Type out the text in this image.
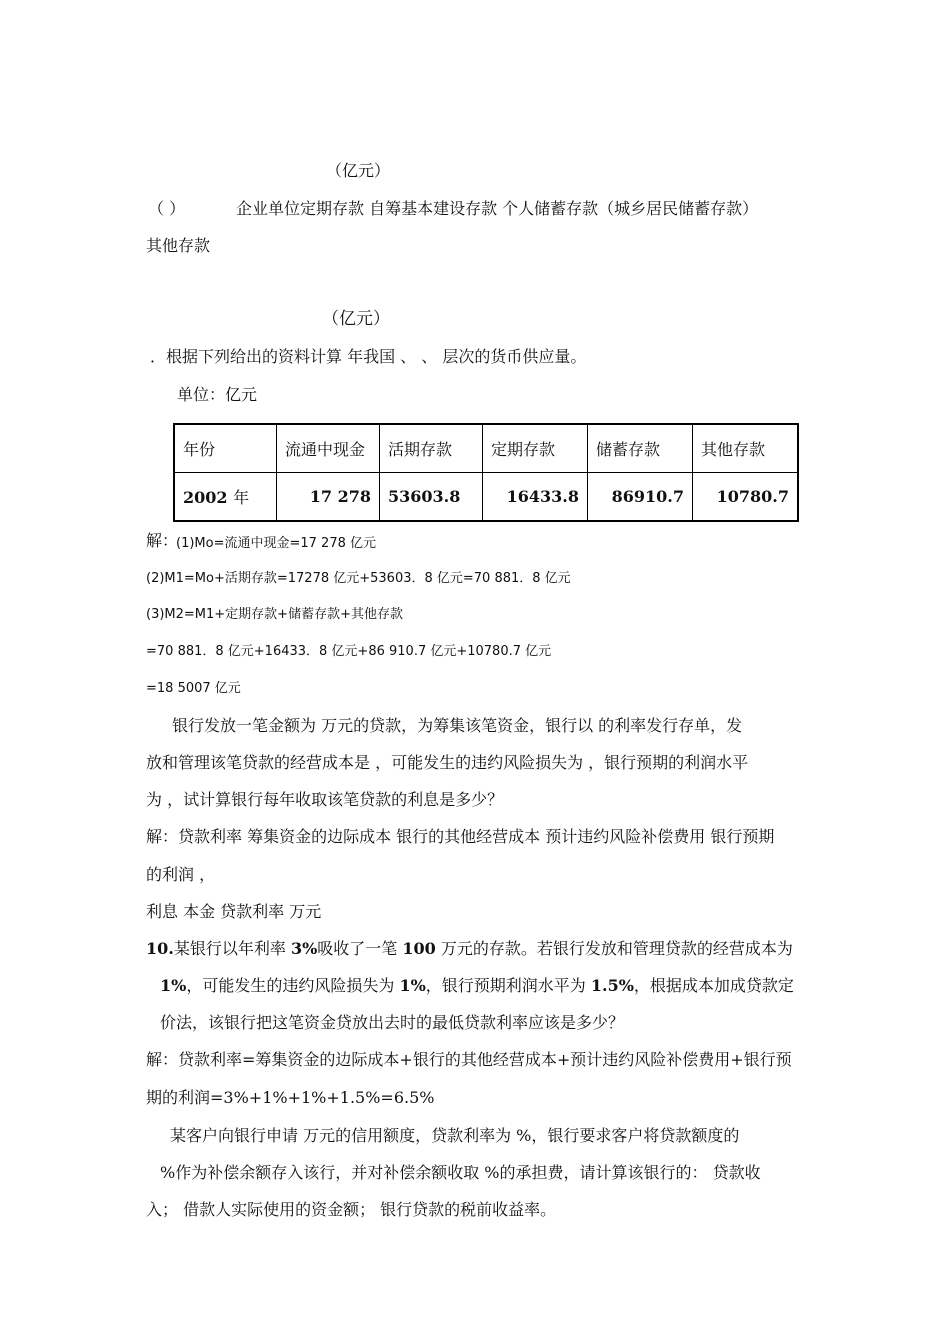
（亿元）
（ ）	企业单位定期存款 自筹基本建设存款 个人储蓄存款（城乡居民储蓄存款）
其他存款
（亿元）
．根据下列给出的资料计算 年我国 、 、 层次的货币供应量。
单位：亿元
年份	流通中现金	活期存款	定期存款	储蓄存款	其他存款
2002 年	17 278	53603.8	16433.8	86910.7	10780.7
解：
(1)Mo=流通中现金=17 278 亿元
(2)M1=Mo+活期存款=17278 亿元+53603．8 亿元=70 881．8 亿元
(3)M2=M1+定期存款+储蓄存款+其他存款
=70 881．8 亿元+16433．8 亿元+86 910.7 亿元+10780.7 亿元
=18 5007 亿元
银行发放一笔金额为 万元的贷款，为筹集该笔资金，银行以 的利率发行存单，发
放和管理该笔贷款的经营成本是 ，可能发生的违约风险损失为 ，银行预期的利润水平
为 ，试计算银行每年收取该笔贷款的利息是多少？
解：贷款利率 筹集资金的边际成本 银行的其他经营成本 预计违约风险补偿费用 银行预期
的利润 ，
利息 本金 贷款利率 万元
10.某银行以年利率 3%吸收了一笔 100 万元的存款。若银行发放和管理贷款的经营成本为
1%，可能发生的违约风险损失为 1%，银行预期利润水平为 1.5%，根据成本加成贷款定
价法，该银行把这笔资金贷放出去时的最低贷款利率应该是多少？
解：贷款利率=筹集资金的边际成本+银行的其他经营成本+预计违约风险补偿费用+银行预
期的利润=3%+1%+1%+1.5%=6.5%
某客户向银行申请 万元的信用额度，贷款利率为 %，银行要求客户将贷款额度的
%作为补偿余额存入该行，并对补偿余额收取 %的承担费，请计算该银行的： 贷款收
入； 借款人实际使用的资金额； 银行贷款的税前收益率。
